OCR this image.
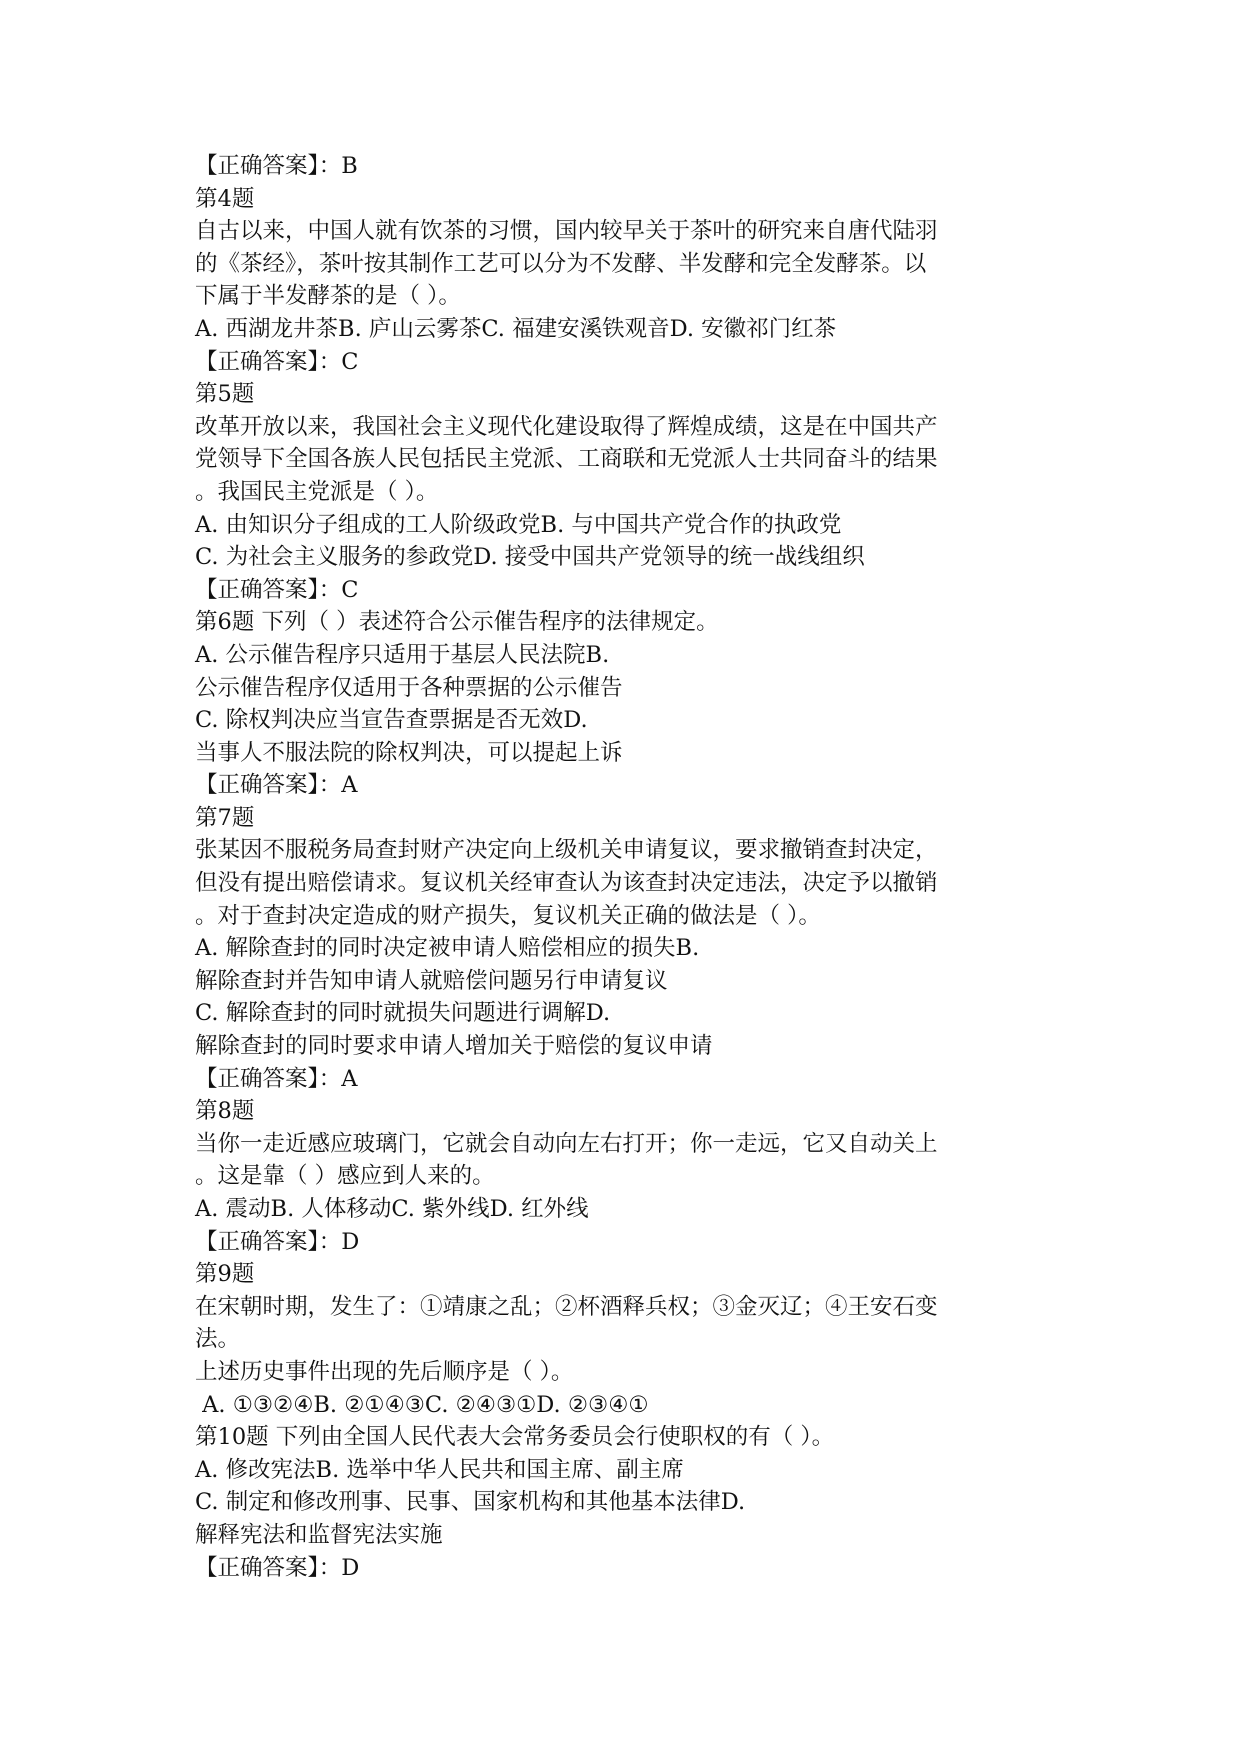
【正确答案】：B
第4题
自古以来，中国人就有饮茶的习惯，国内较早关于茶叶的研究来自唐代陆羽
的《茶经》，茶叶按其制作工艺可以分为不发酵、半发酵和完全发酵茶。以
下属于半发酵茶的是（ ）。
A. 西湖龙井茶B. 庐山云雾茶C. 福建安溪铁观音D. 安徽祁门红茶
【正确答案】：C
第5题
改革开放以来，我国社会主义现代化建设取得了辉煌成绩，这是在中国共产
党领导下全国各族人民包括民主党派、工商联和无党派人士共同奋斗的结果
。我国民主党派是（ ）。
A. 由知识分子组成的工人阶级政党B. 与中国共产党合作的执政党
C. 为社会主义服务的参政党D. 接受中国共产党领导的统一战线组织
【正确答案】：C
第6题 下列（ ）表述符合公示催告程序的法律规定。
A. 公示催告程序只适用于基层人民法院B.
公示催告程序仅适用于各种票据的公示催告
C. 除权判决应当宣告查票据是否无效D.
当事人不服法院的除权判决，可以提起上诉
【正确答案】：A
第7题
张某因不服税务局查封财产决定向上级机关申请复议，要求撤销查封决定，
但没有提出赔偿请求。复议机关经审查认为该查封决定违法，决定予以撤销
。对于查封决定造成的财产损失，复议机关正确的做法是（ ）。
A. 解除查封的同时决定被申请人赔偿相应的损失B.
解除查封并告知申请人就赔偿问题另行申请复议
C. 解除查封的同时就损失问题进行调解D.
解除查封的同时要求申请人增加关于赔偿的复议申请
【正确答案】：A
第8题
当你一走近感应玻璃门，它就会自动向左右打开；你一走远，它又自动关上
。这是靠（ ）感应到人来的。
A. 震动B. 人体移动C. 紫外线D. 红外线
【正确答案】：D
第9题
在宋朝时期，发生了：①靖康之乱；②杯酒释兵权；③金灭辽；④王安石变
法。
上述历史事件出现的先后顺序是（ ）。
A. ①③②④B. ②①④③C. ②④③①D. ②③④①
第10题 下列由全国人民代表大会常务委员会行使职权的有（ ）。
A. 修改宪法B. 选举中华人民共和国主席、副主席
C. 制定和修改刑事、民事、国家机构和其他基本法律D.
解释宪法和监督宪法实施
【正确答案】：D
